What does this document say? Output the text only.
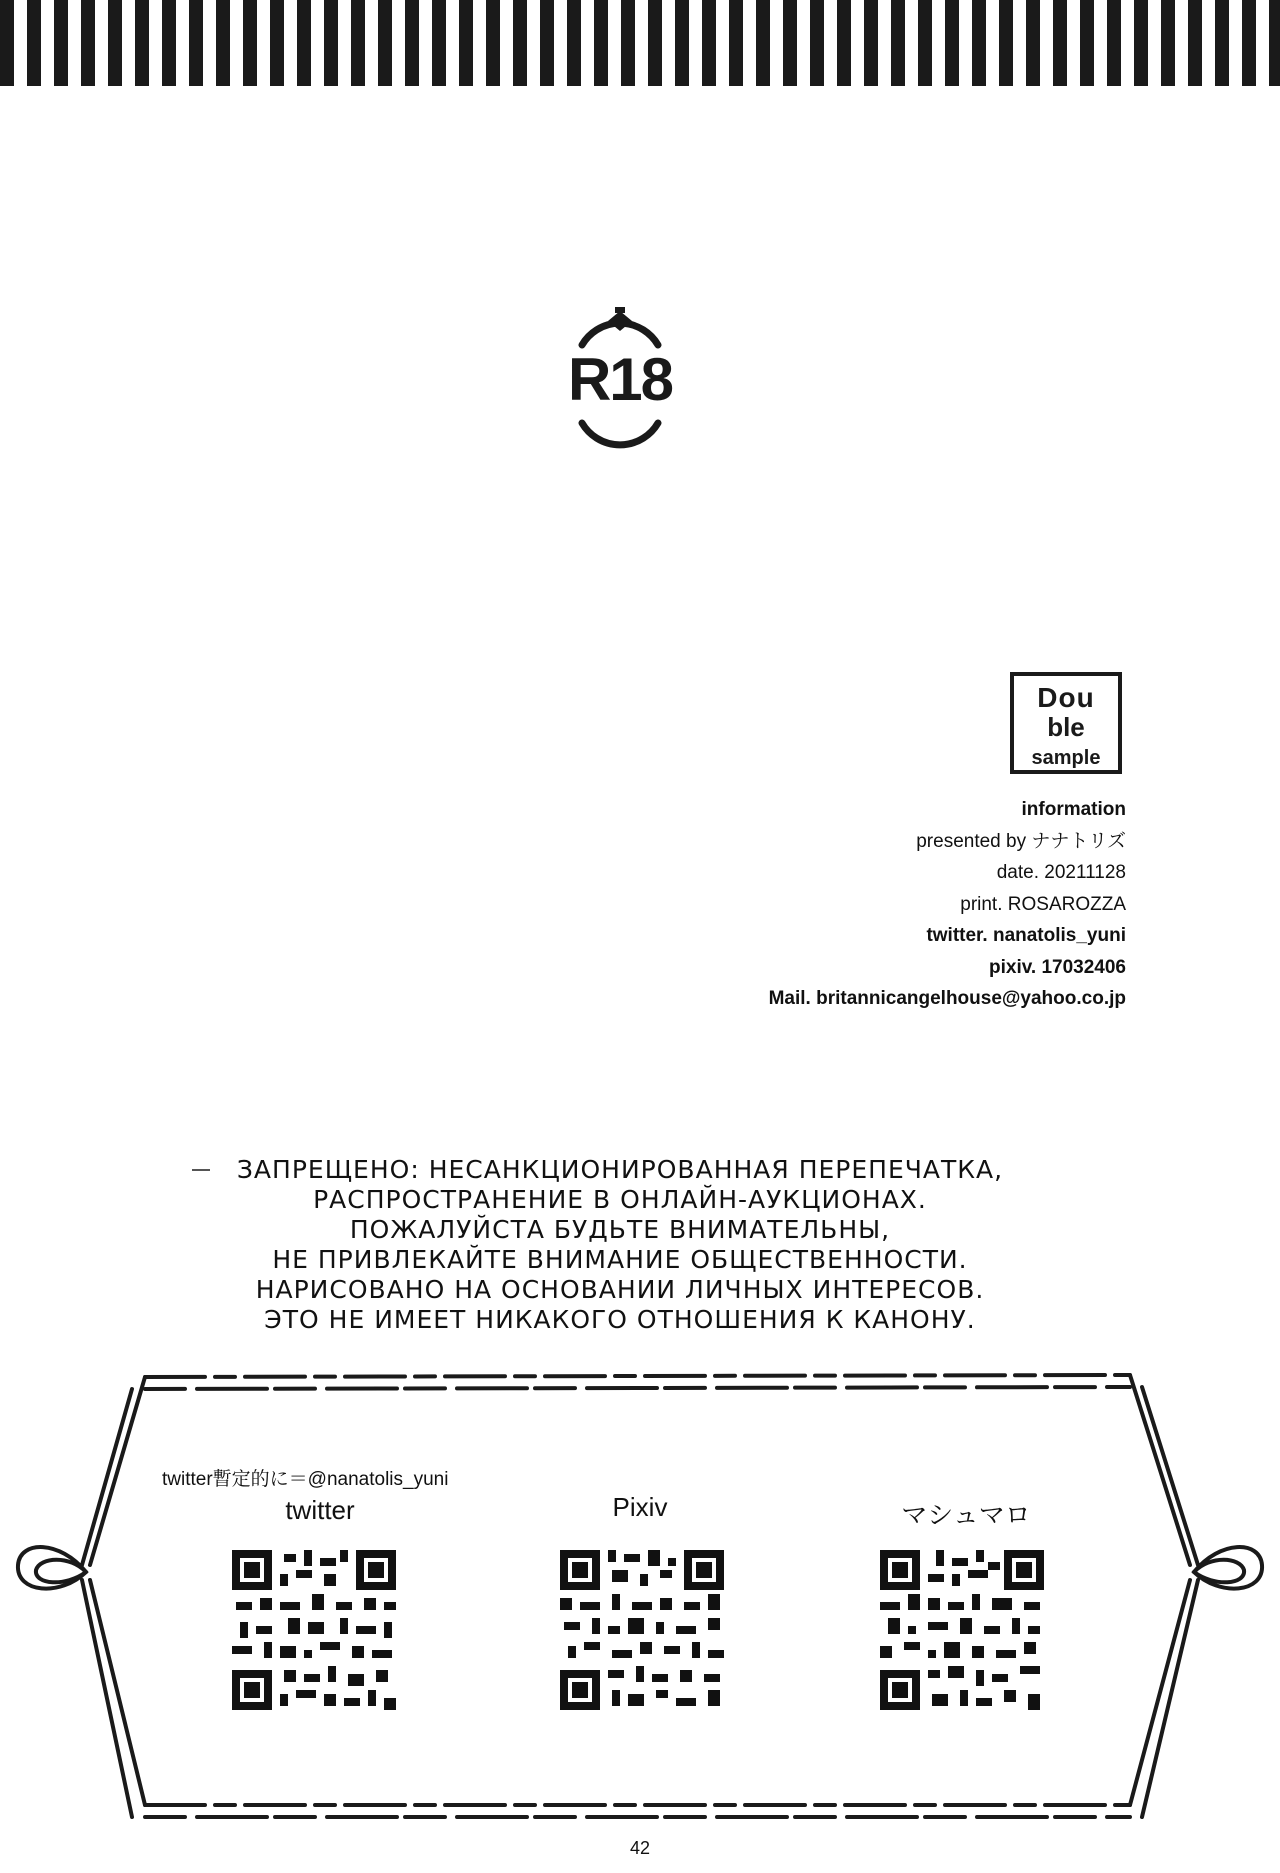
R18
Dou
ble
sample
information
presented by ナナトリズ
date. 20211128
print. ROSAROZZA
twitter. nanatolis_yuni
pixiv. 17032406
Mail. britannicangelhouse@yahoo.co.jp
ЗАПРЕЩЕНО: НЕСАНКЦИОНИРОВАННАЯ ПЕРЕПЕЧАТКА,
РАСПРОСТРАНЕНИЕ В ОНЛАЙН-АУКЦИОНАХ.
ПОЖАЛУЙСТА БУДЬТЕ ВНИМАТЕЛЬНЫ,
НЕ ПРИВЛЕКАЙТЕ ВНИМАНИЕ ОБЩЕСТВЕННОСТИ.
НАРИСОВАНО НА ОСНОВАНИИ ЛИЧНЫХ ИНТЕРЕСОВ.
ЭТО НЕ ИМЕЕТ НИКАКОГО ОТНОШЕНИЯ К КАНОНУ.
twitter暫定的に＝@nanatolis_yuni
twitter	Pixiv	マシュマロ
42
